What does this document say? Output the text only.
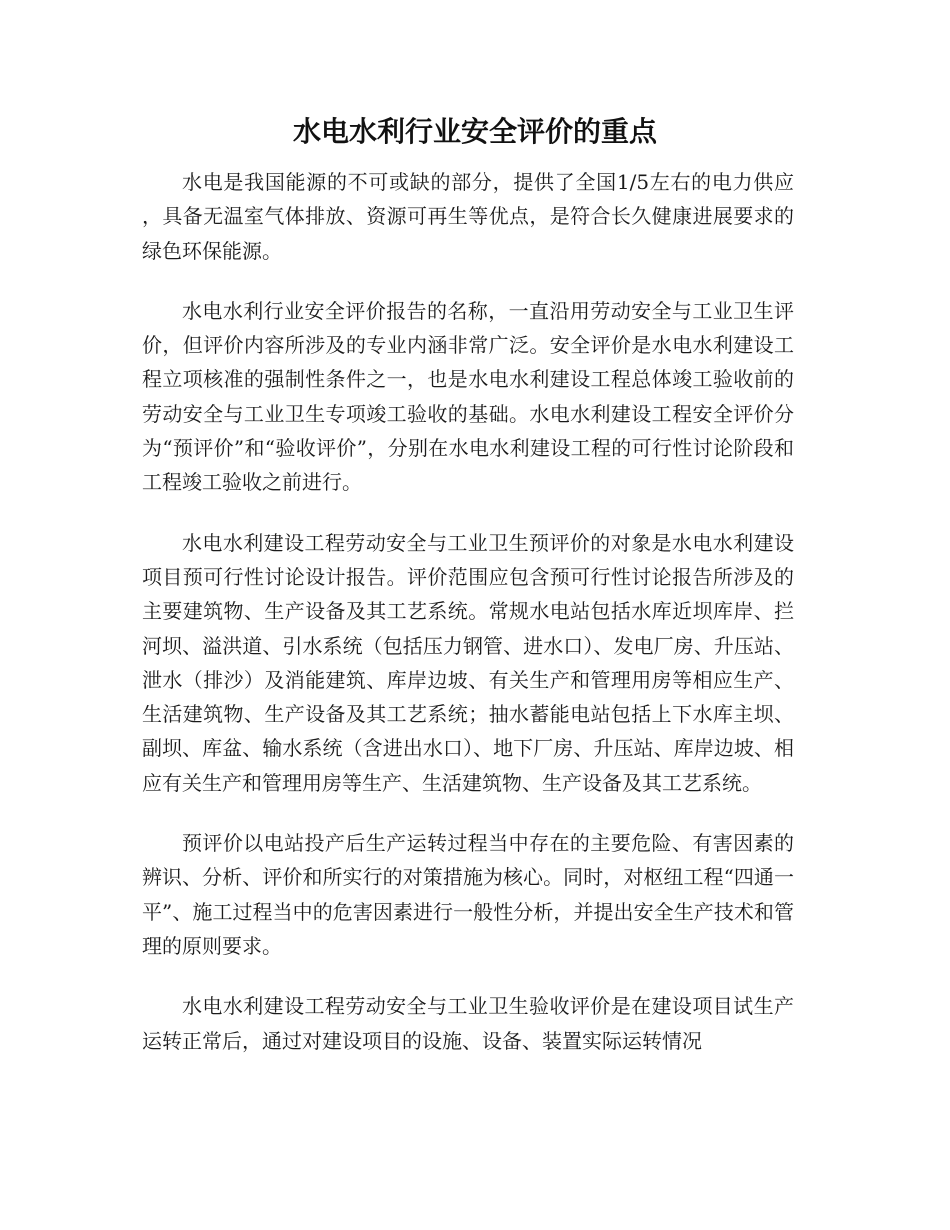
水电水利行业安全评价的重点

水电是我国能源的不可或缺的部分，提供了全国1/5左右的电力供应，具备无温室气体排放、资源可再生等优点，是符合长久健康进展要求的绿色环保能源。

水电水利行业安全评价报告的名称，一直沿用劳动安全与工业卫生评价，但评价内容所涉及的专业内涵非常广泛。安全评价是水电水利建设工程立项核准的强制性条件之一，也是水电水利建设工程总体竣工验收前的劳动安全与工业卫生专项竣工验收的基础。水电水利建设工程安全评价分为“预评价”和“验收评价”，分别在水电水利建设工程的可行性讨论阶段和工程竣工验收之前进行。

水电水利建设工程劳动安全与工业卫生预评价的对象是水电水利建设项目预可行性讨论设计报告。评价范围应包含预可行性讨论报告所涉及的主要建筑物、生产设备及其工艺系统。常规水电站包括水库近坝库岸、拦河坝、溢洪道、引水系统（包括压力钢管、进水口）、发电厂房、升压站、泄水（排沙）及消能建筑、库岸边坡、有关生产和管理用房等相应生产、生活建筑物、生产设备及其工艺系统；抽水蓄能电站包括上下水库主坝、副坝、库盆、输水系统（含进出水口）、地下厂房、升压站、库岸边坡、相应有关生产和管理用房等生产、生活建筑物、生产设备及其工艺系统。

预评价以电站投产后生产运转过程当中存在的主要危险、有害因素的辨识、分析、评价和所实行的对策措施为核心。同时，对枢纽工程“四通一平”、施工过程当中的危害因素进行一般性分析，并提出安全生产技术和管理的原则要求。

水电水利建设工程劳动安全与工业卫生验收评价是在建设项目试生产运转正常后，通过对建设项目的设施、设备、装置实际运转情况
